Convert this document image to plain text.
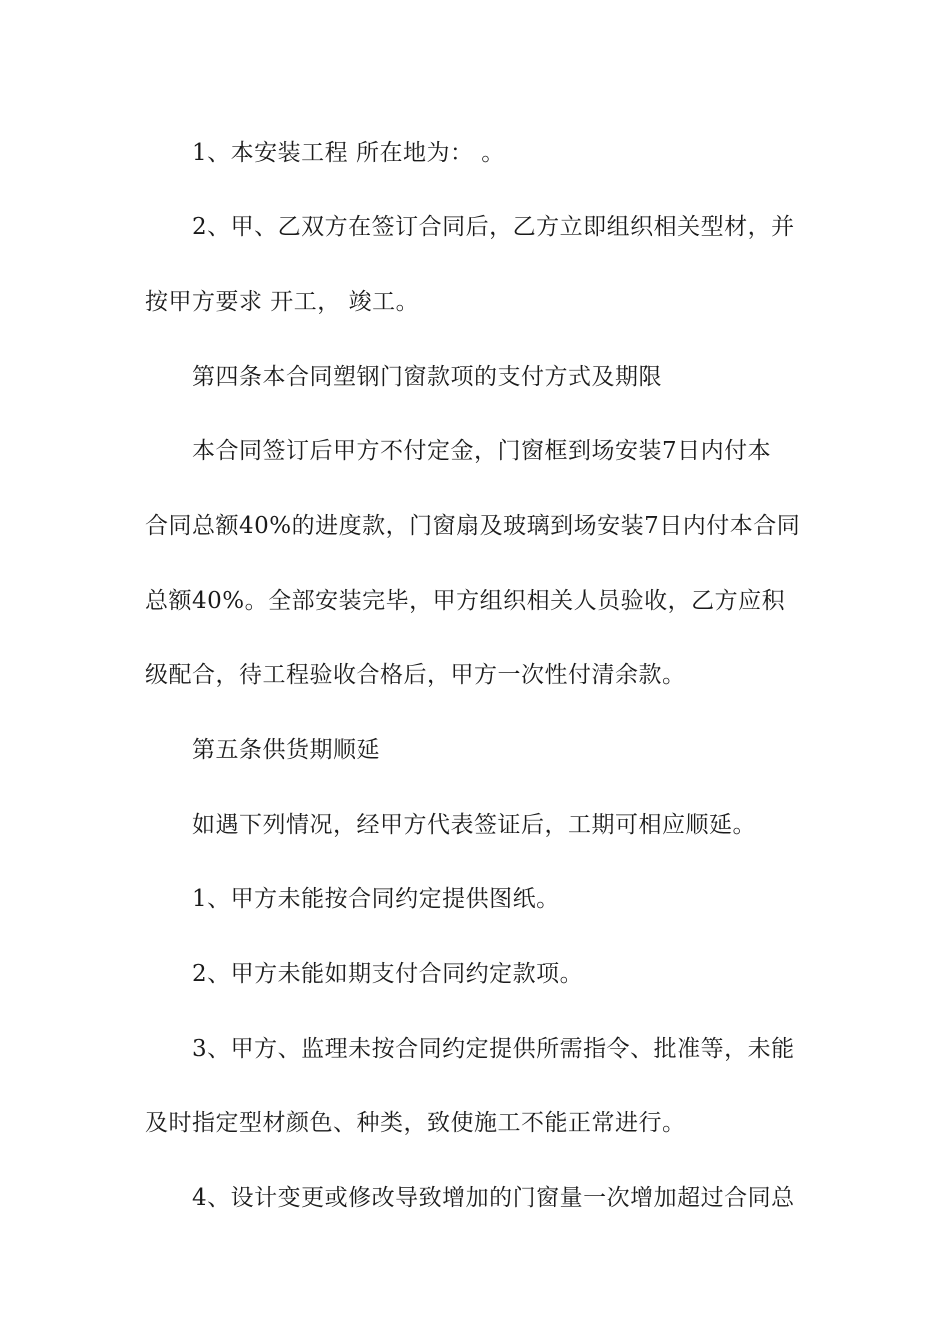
1、本安装工程 所在地为： 。
2、甲、乙双方在签订合同后，乙方立即组织相关型材，并
按甲方要求 开工， 竣工。
第四条本合同塑钢门窗款项的支付方式及期限
本合同签订后甲方不付定金，门窗框到场安装7日内付本
合同总额40%的进度款，门窗扇及玻璃到场安装7日内付本合同
总额40%。全部安装完毕，甲方组织相关人员验收，乙方应积
级配合，待工程验收合格后，甲方一次性付清余款。
第五条供货期顺延
如遇下列情况，经甲方代表签证后，工期可相应顺延。
1、甲方未能按合同约定提供图纸。
2、甲方未能如期支付合同约定款项。
3、甲方、监理未按合同约定提供所需指令、批准等，未能
及时指定型材颜色、种类，致使施工不能正常进行。
4、设计变更或修改导致增加的门窗量一次增加超过合同总
